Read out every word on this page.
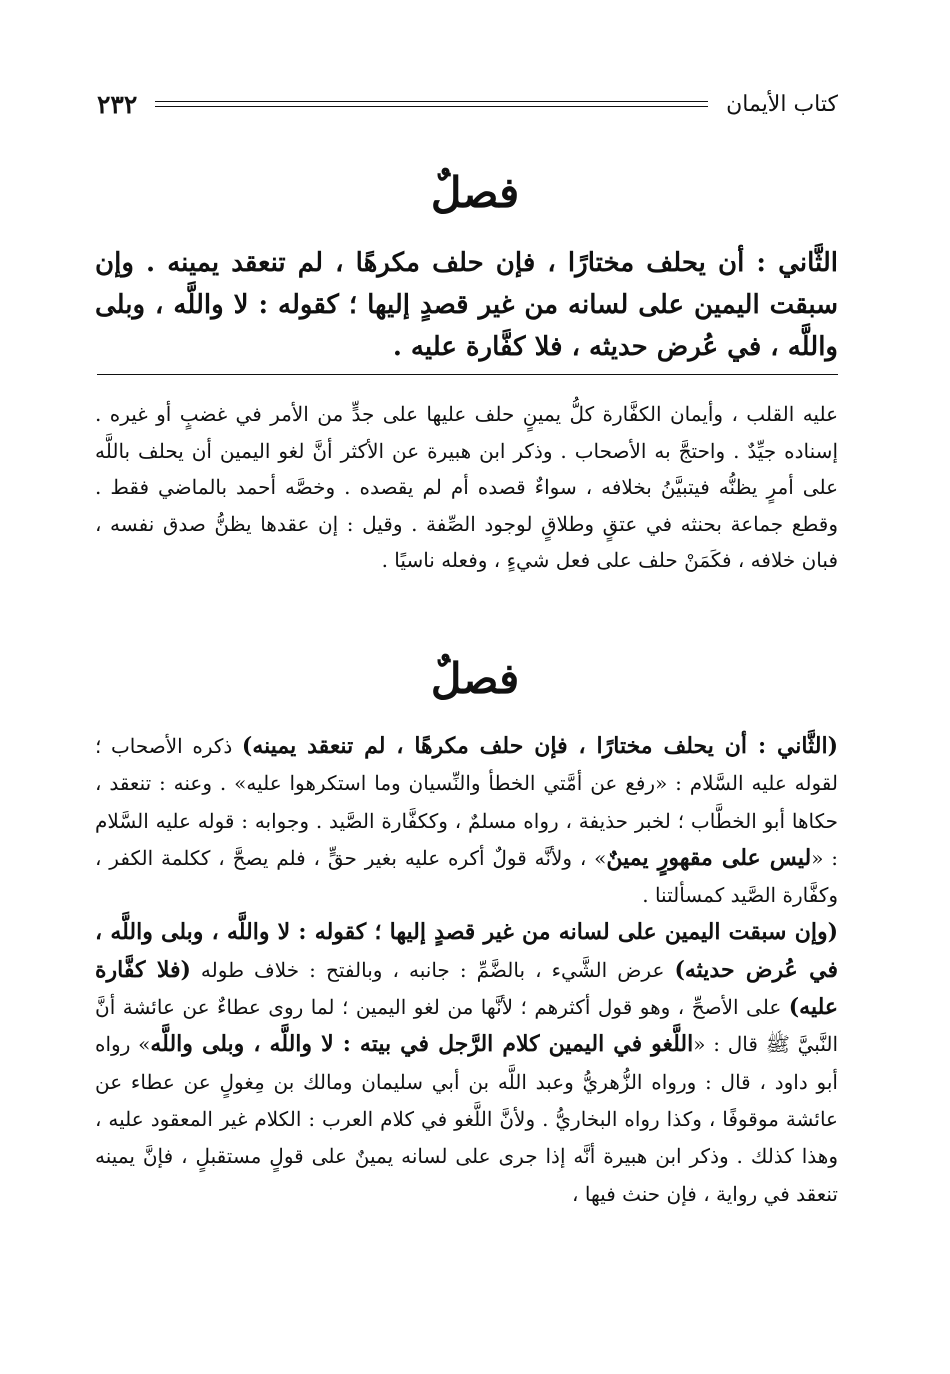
٢٣٢	كتاب الأيمان
فصلٌ

الثَّاني : أن يحلف مختارًا ، فإن حلف مكرهًا ، لم تنعقد يمينه . وإن سبقت اليمين على لسانه من غير قصدٍ إليها ؛ كقوله : لا واللَّه ، وبلى واللَّه ، في عُرض حديثه ، فلا كفَّارة عليه .

عليه القلب ، وأيمان الكفَّارة كلُّ يمينٍ حلف عليها على جدٍّ من الأمر في غضبٍ أو غيره . إسناده جيِّدٌ . واحتجَّ به الأصحاب . وذكر ابن هبيرة عن الأكثر أنَّ لغو اليمين أن يحلف باللَّه على أمرٍ يظنُّه فيتبيَّنُ بخلافه ، سواءٌ قصده أم لم يقصده . وخصَّه أحمد بالماضي فقط . وقطع جماعة بحنثه في عتقٍ وطلاقٍ لوجود الصِّفة . وقيل : إن عقدها يظنُّ صدق نفسه ، فبان خلافه ، فكَمَنْ حلف على فعل شيءٍ ، وفعله ناسيًا .

فصلٌ

(الثَّاني : أن يحلف مختارًا ، فإن حلف مكرهًا ، لم تنعقد يمينه) ذكره الأصحاب ؛ لقوله عليه السَّلام : «رفع عن أمَّتي الخطأ والنِّسيان وما استكرهوا عليه» . وعنه : تنعقد ، حكاها أبو الخطَّاب ؛ لخبر حذيفة ، رواه مسلمٌ ، وككفَّارة الصَّيد . وجوابه : قوله عليه السَّلام : «ليس على مقهورٍ يمينٌ» ، ولأنَّه قولٌ أكره عليه بغير حقٍّ ، فلم يصحَّ ، ككلمة الكفر ، وكفَّارة الصَّيد كمسألتنا .

(وإن سبقت اليمين على لسانه من غير قصدٍ إليها ؛ كقوله : لا واللَّه ، وبلى واللَّه ، في عُرض حديثه) عرض الشَّيء ، بالضَّمِّ : جانبه ، وبالفتح : خلاف طوله (فلا كفَّارة عليه) على الأصحِّ ، وهو قول أكثرهم ؛ لأنَّها من لغو اليمين ؛ لما روى عطاءٌ عن عائشة أنَّ النَّبيَّ ﷺ قال : «اللَّغو في اليمين كلام الرَّجل في بيته : لا واللَّه ، وبلى واللَّه» رواه أبو داود ، قال : ورواه الزُّهريُّ وعبد اللَّه بن أبي سليمان ومالك بن مِغولٍ عن عطاء عن عائشة موقوفًا ، وكذا رواه البخاريُّ . ولأنَّ اللَّغو في كلام العرب : الكلام غير المعقود عليه ، وهذا كذلك . وذكر ابن هبيرة أنَّه إذا جرى على لسانه يمينٌ على قولٍ مستقبلٍ ، فإنَّ يمينه تنعقد في رواية ، فإن حنث فيها ،
